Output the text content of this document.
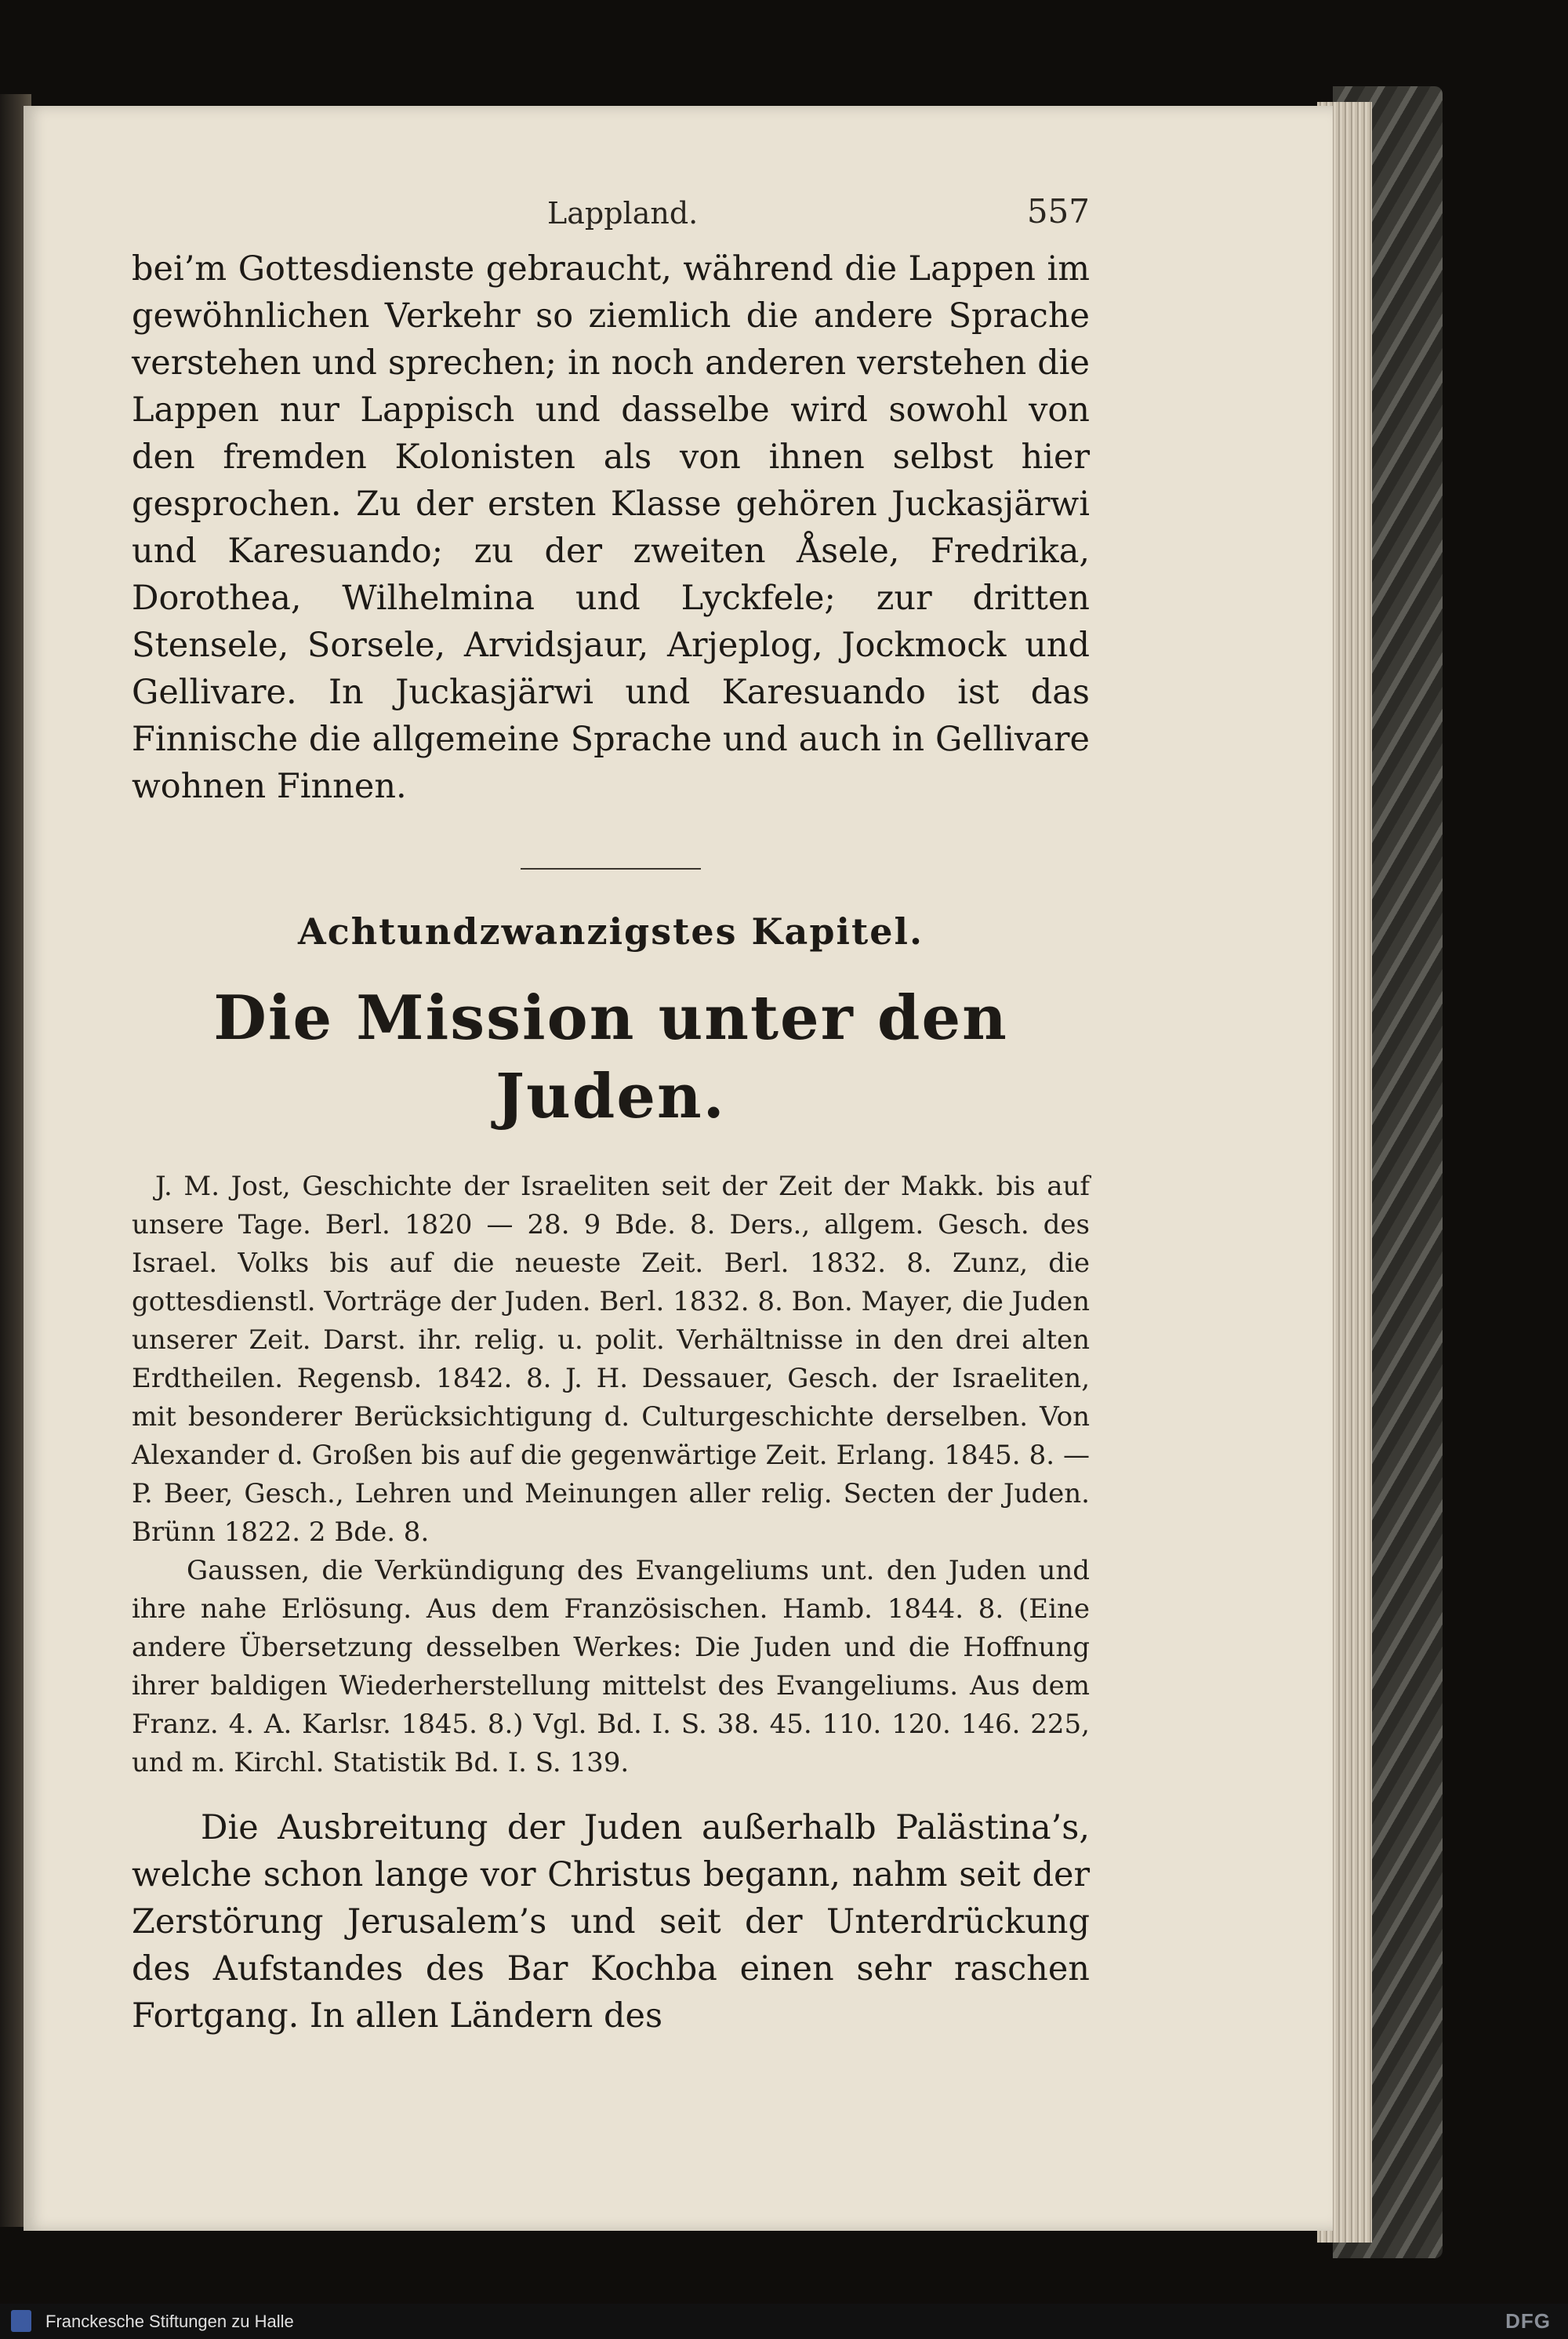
Lappland.	557

bei’m Gottesdienste gebraucht, während die Lappen im gewöhnlichen Verkehr so ziemlich die andere Sprache verstehen und sprechen; in noch anderen verstehen die Lappen nur Lappisch und dasselbe wird sowohl von den fremden Kolonisten als von ihnen selbst hier gesprochen. Zu der ersten Klasse gehören Juckasjärwi und Karesuando; zu der zweiten Åsele, Fredrika, Dorothea, Wilhelmina und Lyckfele; zur dritten Stensele, Sorsele, Arvidsjaur, Arjeplog, Jockmock und Gellivare. In Juckasjärwi und Karesuando ist das Finnische die allgemeine Sprache und auch in Gellivare wohnen Finnen.

Achtundzwanzigstes Kapitel.
Die Mission unter den Juden.

J. M. Jost, Geschichte der Israeliten seit der Zeit der Makk. bis auf unsere Tage. Berl. 1820 — 28. 9 Bde. 8. Ders., allgem. Gesch. des Israel. Volks bis auf die neueste Zeit. Berl. 1832. 8. Zunz, die gottesdienstl. Vorträge der Juden. Berl. 1832. 8. Bon. Mayer, die Juden unserer Zeit. Darst. ihr. relig. u. polit. Verhältnisse in den drei alten Erdtheilen. Regensb. 1842. 8. J. H. Dessauer, Gesch. der Israeliten, mit besonderer Berücksichtigung d. Culturgeschichte derselben. Von Alexander d. Großen bis auf die gegenwärtige Zeit. Erlang. 1845. 8. — P. Beer, Gesch., Lehren und Meinungen aller relig. Secten der Juden. Brünn 1822. 2 Bde. 8.

Gaussen, die Verkündigung des Evangeliums unt. den Juden und ihre nahe Erlösung. Aus dem Französischen. Hamb. 1844. 8. (Eine andere Übersetzung desselben Werkes: Die Juden und die Hoffnung ihrer baldigen Wiederherstellung mittelst des Evangeliums. Aus dem Franz. 4. A. Karlsr. 1845. 8.) Vgl. Bd. I. S. 38. 45. 110. 120. 146. 225, und m. Kirchl. Statistik Bd. I. S. 139.

Die Ausbreitung der Juden außerhalb Palästina’s, welche schon lange vor Christus begann, nahm seit der Zerstörung Jerusalem’s und seit der Unterdrückung des Aufstandes des Bar Kochba einen sehr raschen Fortgang. In allen Ländern des

Franckesche Stiftungen zu Halle	DFG
